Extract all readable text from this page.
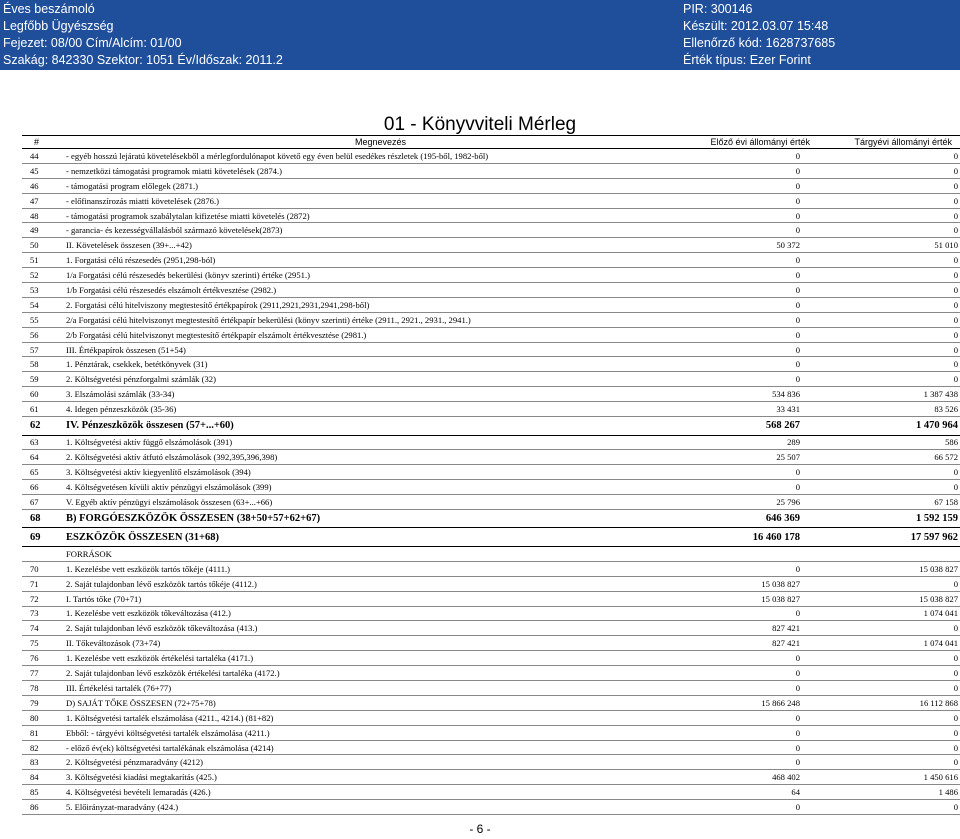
Éves beszámoló
Legfőbb Ügyészség
Fejezet: 08/00 Cím/Alcím: 01/00
Szakág: 842330 Szektor: 1051 Év/Időszak: 2011.2
PIR: 300146
Készült: 2012.03.07 15:48
Ellenőrző kód: 1628737685
Érték típus: Ezer Forint
01 - Könyvviteli Mérleg
#	Megnevezés	Előző évi állományi érték	Tárgyévi állományi érték
44	- egyéb hosszú lejáratú követelésekből a mérlegfordulónapot követő egy éven belül esedékes részletek (195-ből, 1982-ből)	0	0
45	- nemzetközi támogatási programok miatti követelések (2874.)	0	0
46	- támogatási program előlegek (2871.)	0	0
47	- előfinanszírozás miatti követelések (2876.)	0	0
48	- támogatási programok szabálytalan kifizetése miatti követelés (2872)	0	0
49	- garancia- és kezességvállalásból származó követelések(2873)	0	0
50	II. Követelések összesen (39+...+42)	50 372	51 010
51	1. Forgatási célú részesedés (2951,298-ból)	0	0
52	1/a Forgatási célú részesedés bekerülési (könyv szerinti) értéke (2951.)	0	0
53	1/b Forgatási célú részesedés elszámolt értékvesztése (2982.)	0	0
54	2. Forgatási célú hitelviszony megtestesítő értékpapírok (2911,2921,2931,2941,298-ből)	0	0
55	2/a Forgatási célú hitelviszonyt megtestesítő értékpapír bekerülési (könyv szerinti) értéke (2911., 2921., 2931., 2941.)	0	0
56	2/b Forgatási célú hitelviszonyt megtestesítő értékpapír elszámolt értékvesztése (2981.)	0	0
57	III. Értékpapírok összesen (51+54)	0	0
58	1. Pénztárak, csekkek, betétkönyvek (31)	0	0
59	2. Költségvetési pénzforgalmi számlák (32)	0	0
60	3. Elszámolási számlák (33-34)	534 836	1 387 438
61	4. Idegen pénzeszközök (35-36)	33 431	83 526
62	IV. Pénzeszközök összesen (57+...+60)	568 267	1 470 964
63	1. Költségvetési aktív függő elszámolások (391)	289	586
64	2. Költségvetési aktív átfutó elszámolások (392,395,396,398)	25 507	66 572
65	3. Költségvetési aktív kiegyenlítő elszámolások (394)	0	0
66	4. Költségvetésen kívüli aktív pénzügyi elszámolások (399)	0	0
67	V. Egyéb aktív pénzügyi elszámolások összesen (63+...+66)	25 796	67 158
68	B) FORGÓESZKÖZÖK ÖSSZESEN (38+50+57+62+67)	646 369	1 592 159
69	ESZKÖZÖK ÖSSZESEN (31+68)	16 460 178	17 597 962
	FORRÁSOK		
70	1. Kezelésbe vett eszközök tartós tőkéje (4111.)	0	15 038 827
71	2. Saját tulajdonban lévő eszközök tartós tőkéje (4112.)	15 038 827	0
72	I. Tartós tőke (70+71)	15 038 827	15 038 827
73	1. Kezelésbe vett eszközök tőkeváltozása (412.)	0	1 074 041
74	2. Saját tulajdonban lévő eszközök tőkeváltozása (413.)	827 421	0
75	II. Tőkeváltozások (73+74)	827 421	1 074 041
76	1. Kezelésbe vett eszközök értékelési tartaléka (4171.)	0	0
77	2. Saját tulajdonban lévő eszközök értékelési tartaléka (4172.)	0	0
78	III. Értékelési tartalék (76+77)	0	0
79	D) SAJÁT TŐKE ÖSSZESEN (72+75+78)	15 866 248	16 112 868
80	1. Költségvetési tartalék elszámolása (4211., 4214.) (81+82)	0	0
81	Ebből: - tárgyévi költségvetési tartalék elszámolása (4211.)	0	0
82	- előző év(ek) költségvetési tartalékának elszámolása (4214)	0	0
83	2. Költségvetési pénzmaradvány (4212)	0	0
84	3. Költségvetési kiadási megtakarítás (425.)	468 402	1 450 616
85	4. Költségvetési bevételi lemaradás (426.)	64	1 486
86	5. Előirányzat-maradvány (424.)	0	0
- 6 -
